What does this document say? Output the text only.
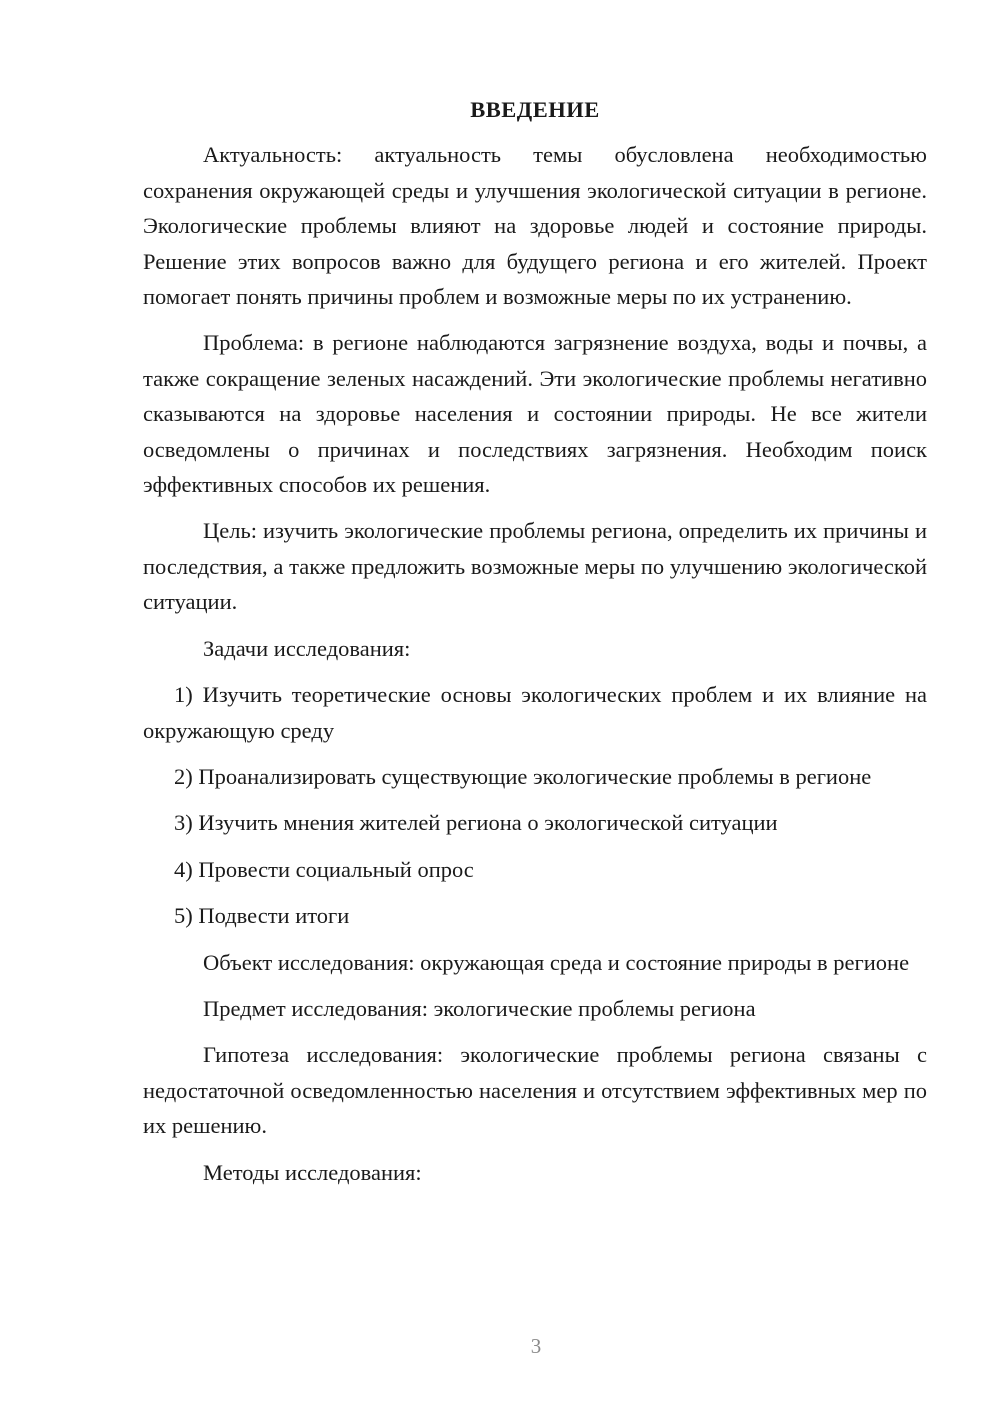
ВВЕДЕНИЕ

Актуальность: актуальность темы обусловлена необходимостью сохранения окружающей среды и улучшения экологической ситуации в регионе. Экологические проблемы влияют на здоровье людей и состояние природы. Решение этих вопросов важно для будущего региона и его жителей. Проект помогает понять причины проблем и возможные меры по их устранению.

Проблема: в регионе наблюдаются загрязнение воздуха, воды и почвы, а также сокращение зеленых насаждений. Эти экологические проблемы негативно сказываются на здоровье населения и состоянии природы. Не все жители осведомлены о причинах и последствиях загрязнения. Необходим поиск эффективных способов их решения.

Цель: изучить экологические проблемы региона, определить их причины и последствия, а также предложить возможные меры по улучшению экологической ситуации.

Задачи исследования:

1) Изучить теоретические основы экологических проблем и их влияние на окружающую среду

2) Проанализировать существующие экологические проблемы в регионе

3) Изучить мнения жителей региона о экологической ситуации

4) Провести социальный опрос

5) Подвести итоги

Объект исследования: окружающая среда и состояние природы в регионе

Предмет исследования: экологические проблемы региона

Гипотеза исследования: экологические проблемы региона связаны с недостаточной осведомленностью населения и отсутствием эффективных мер по их решению.

Методы исследования:

3
